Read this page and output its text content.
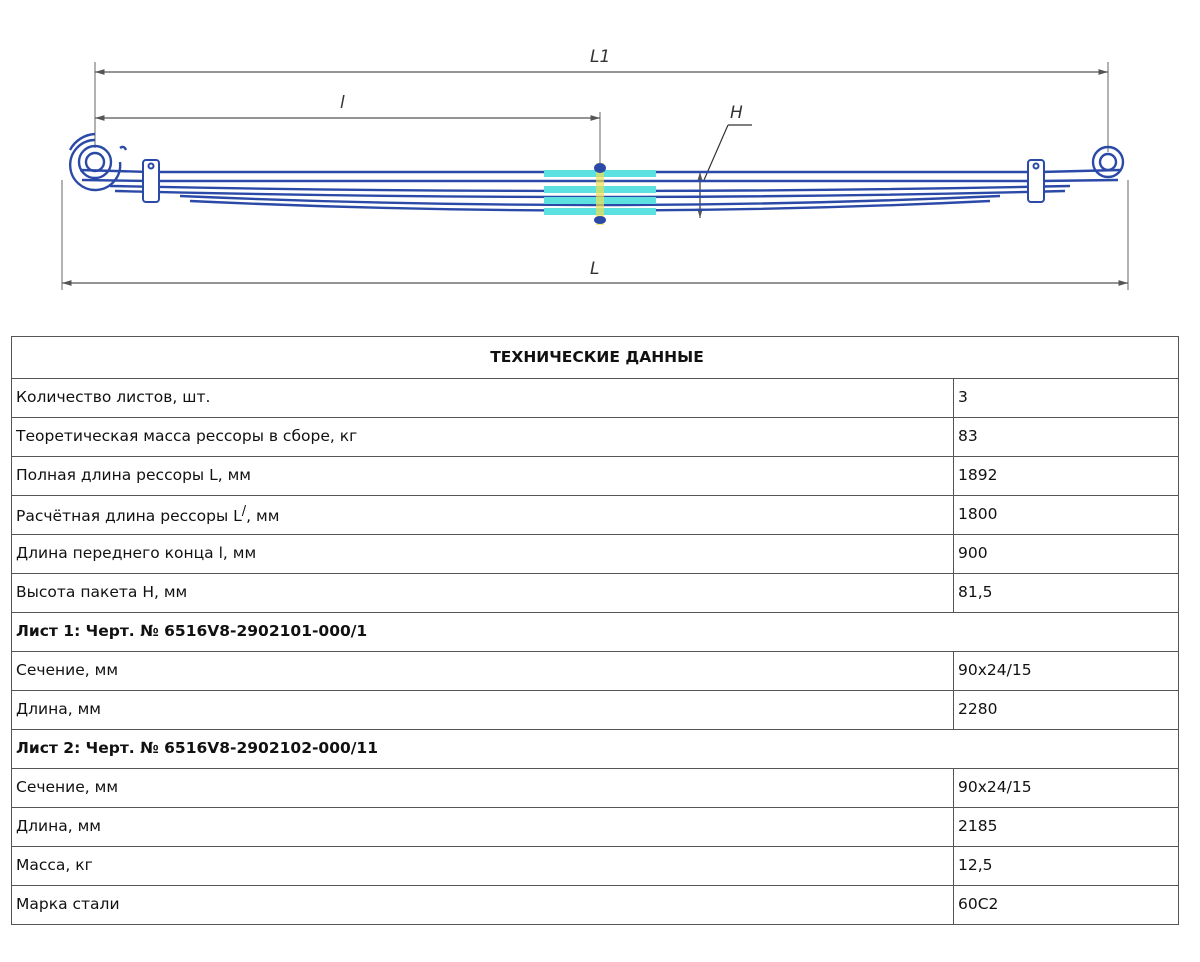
L1
l
L
H
ТЕХНИЧЕСКИЕ ДАННЫЕ	
Количество листов, шт.	3
Теоретическая масса рессоры в сборе, кг	83
Полная длина рессоры L, мм	1892
Расчётная длина рессоры L/, мм	1800
Длина переднего конца l, мм	900
Высота пакета H, мм	81,5
Лист 1: Черт. № 6516V8-2902101-000/1	
Сечение, мм	90x24/15
Длина, мм	2280
Лист 2: Черт. № 6516V8-2902102-000/11	
Сечение, мм	90x24/15
Длина, мм	2185
Масса, кг	12,5
Марка стали	60С2
